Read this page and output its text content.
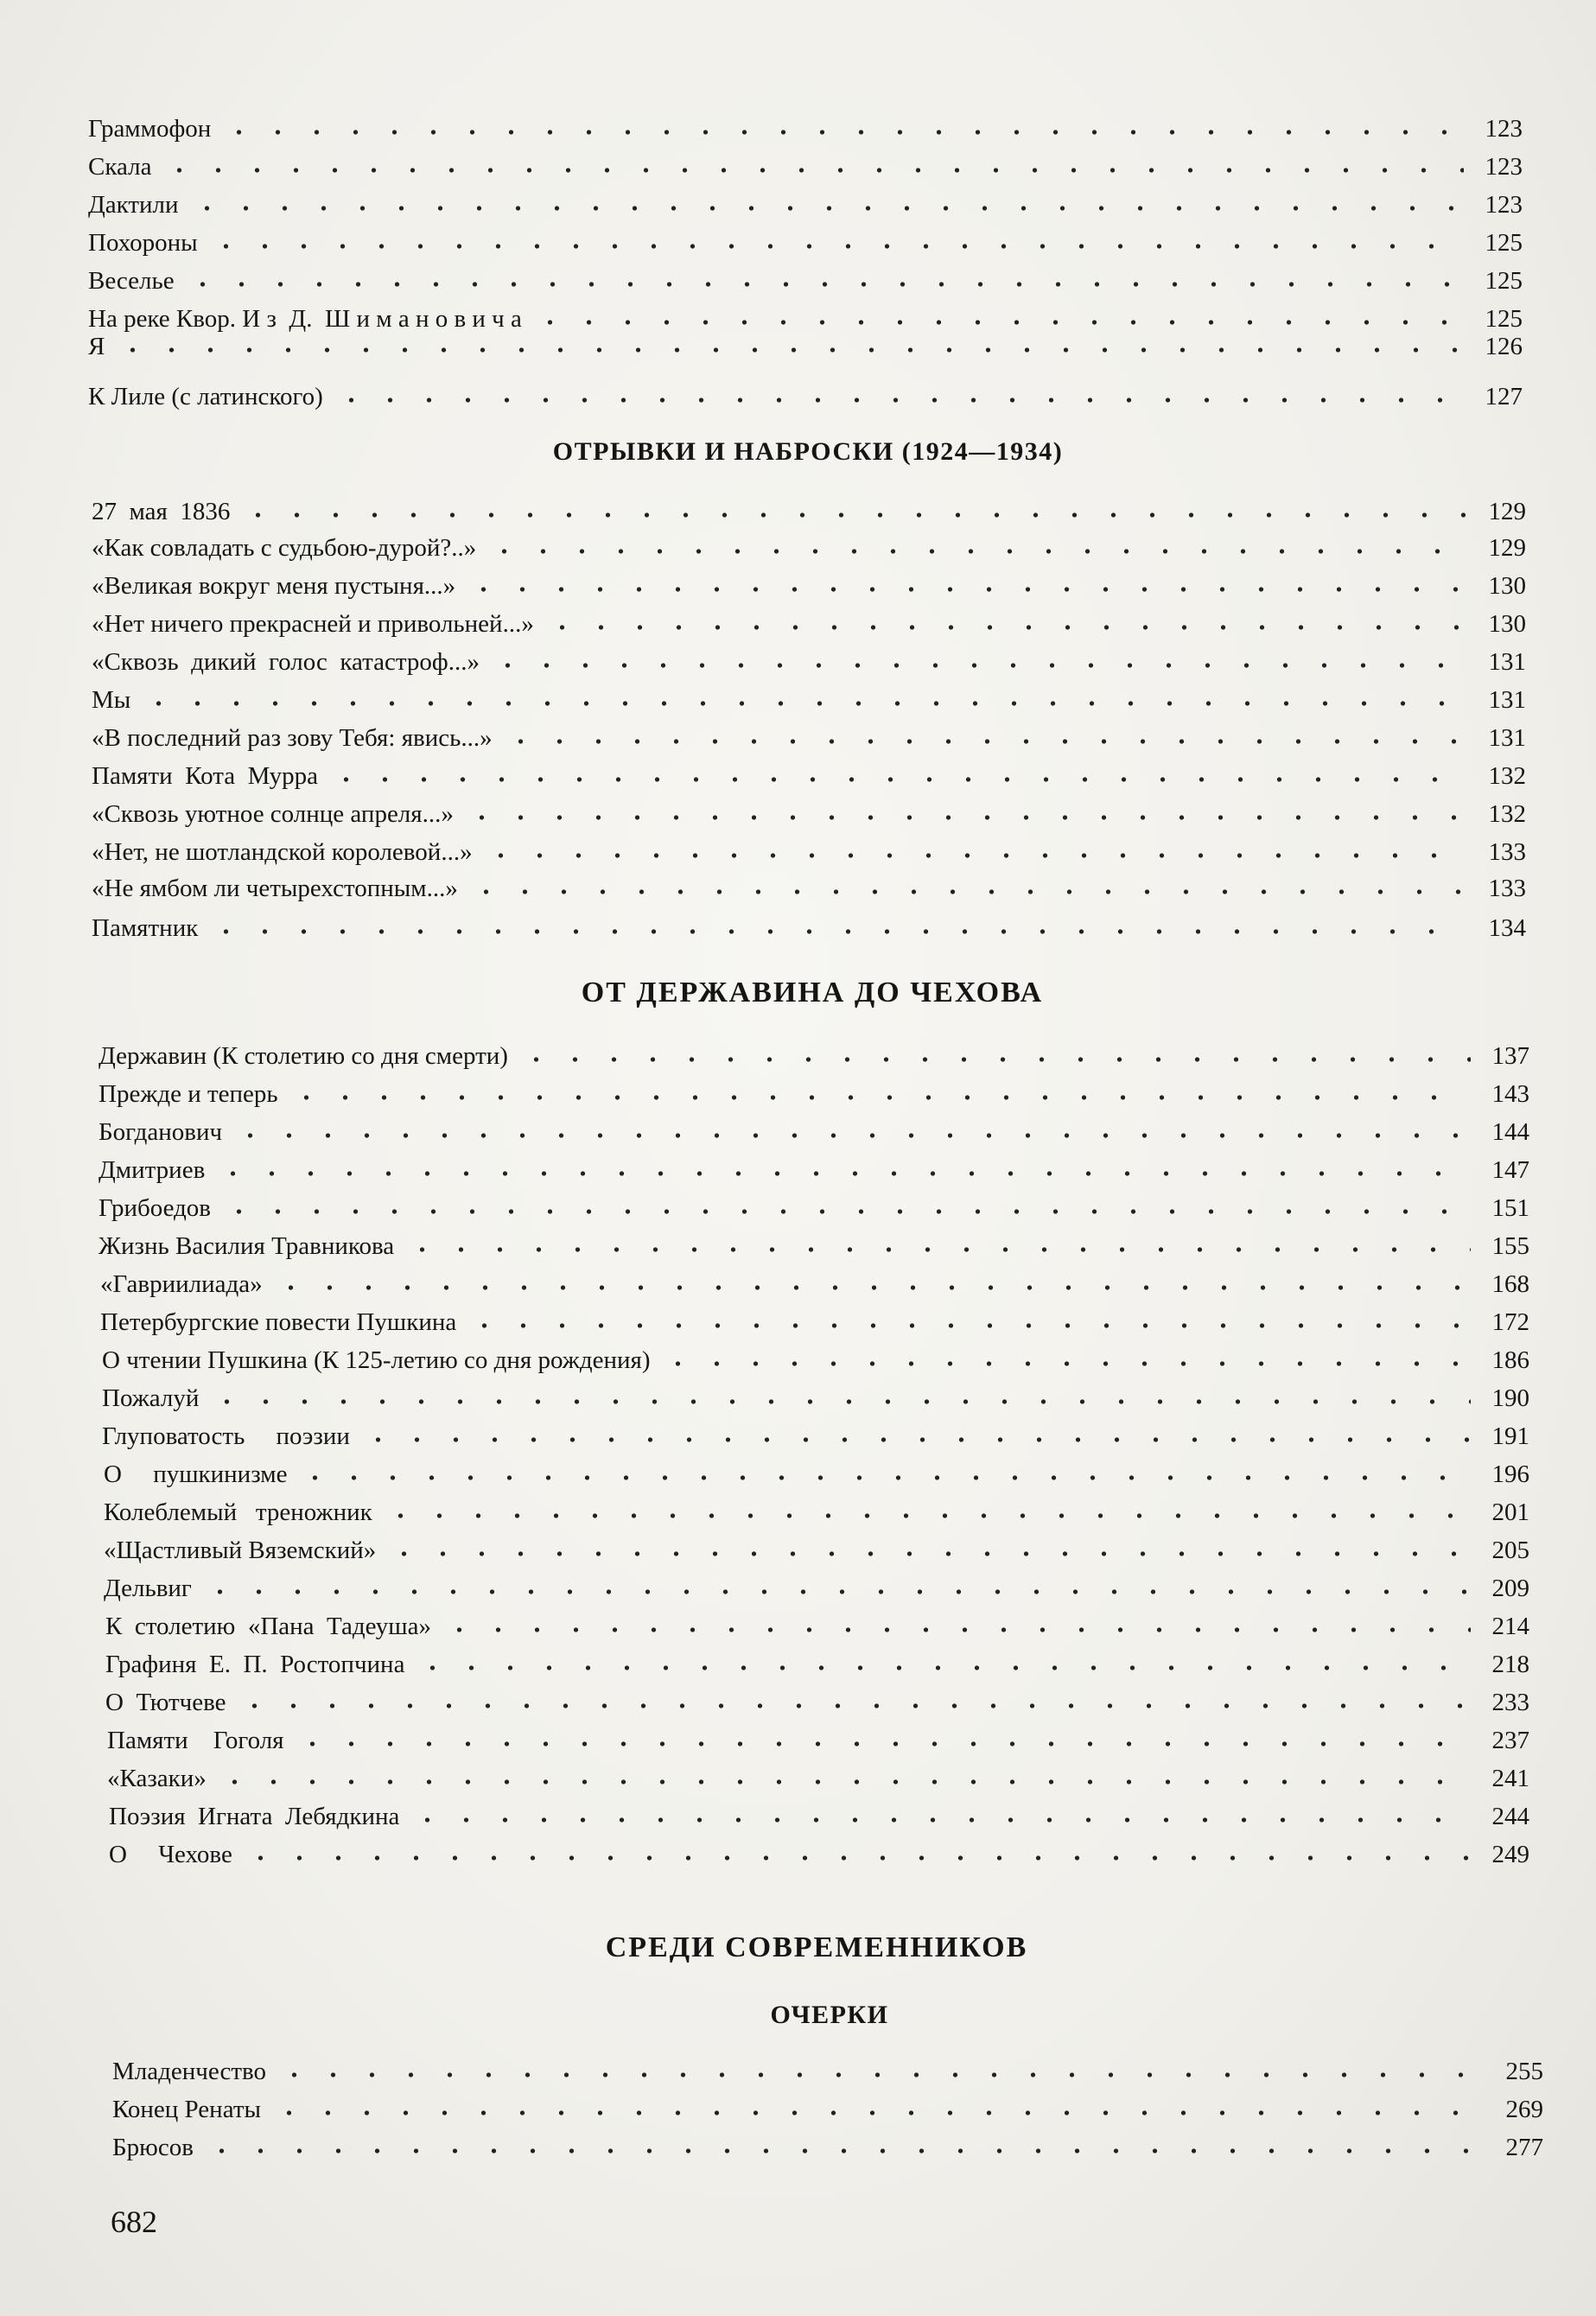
Граммофон	123
Скала	123
Дактили	123
Похороны	125
Веселье	125
На реке Квор. И з  Д.  Ш и м а н о в и ч а	125
Я	126
К Лиле (с латинского)	127
ОТРЫВКИ И НАБРОСКИ (1924—1934)
27  мая  1836	129
«Как совладать с судьбою-дурой?..»	129
«Великая вокруг меня пустыня...»	130
«Нет ничего прекрасней и привольней...»	130
«Сквозь  дикий  голос  катастроф...»	131
Мы	131
«В последний раз зову Тебя: явись...»	131
Памяти  Кота  Мурра	132
«Сквозь уютное солнце апреля...»	132
«Нет, не шотландской королевой...»	133
«Не ямбом ли четырехстопным...»	133
Памятник	134
ОТ ДЕРЖАВИНА ДО ЧЕХОВА
Державин (К столетию со дня смерти)	137
Прежде и теперь	143
Богданович	144
Дмитриев	147
Грибоедов	151
Жизнь Василия Травникова	155
«Гавриилиада»	168
Петербургские повести Пушкина	172
О чтении Пушкина (К 125-летию со дня рождения)	186
Пожалуй	190
Глуповатость     поэзии	191
О     пушкинизме	196
Колеблемый   треножник	201
«Щастливый Вяземский»	205
Дельвиг	209
К  столетию  «Пана  Тадеуша»	214
Графиня  Е.  П.  Ростопчина	218
О  Тютчеве	233
Памяти    Гоголя	237
«Казаки»	241
Поэзия  Игната  Лебядкина	244
О     Чехове	249
СРЕДИ СОВРЕМЕННИКОВ
ОЧЕРКИ
Младенчество	255
Конец Ренаты	269
Брюсов	277
682
